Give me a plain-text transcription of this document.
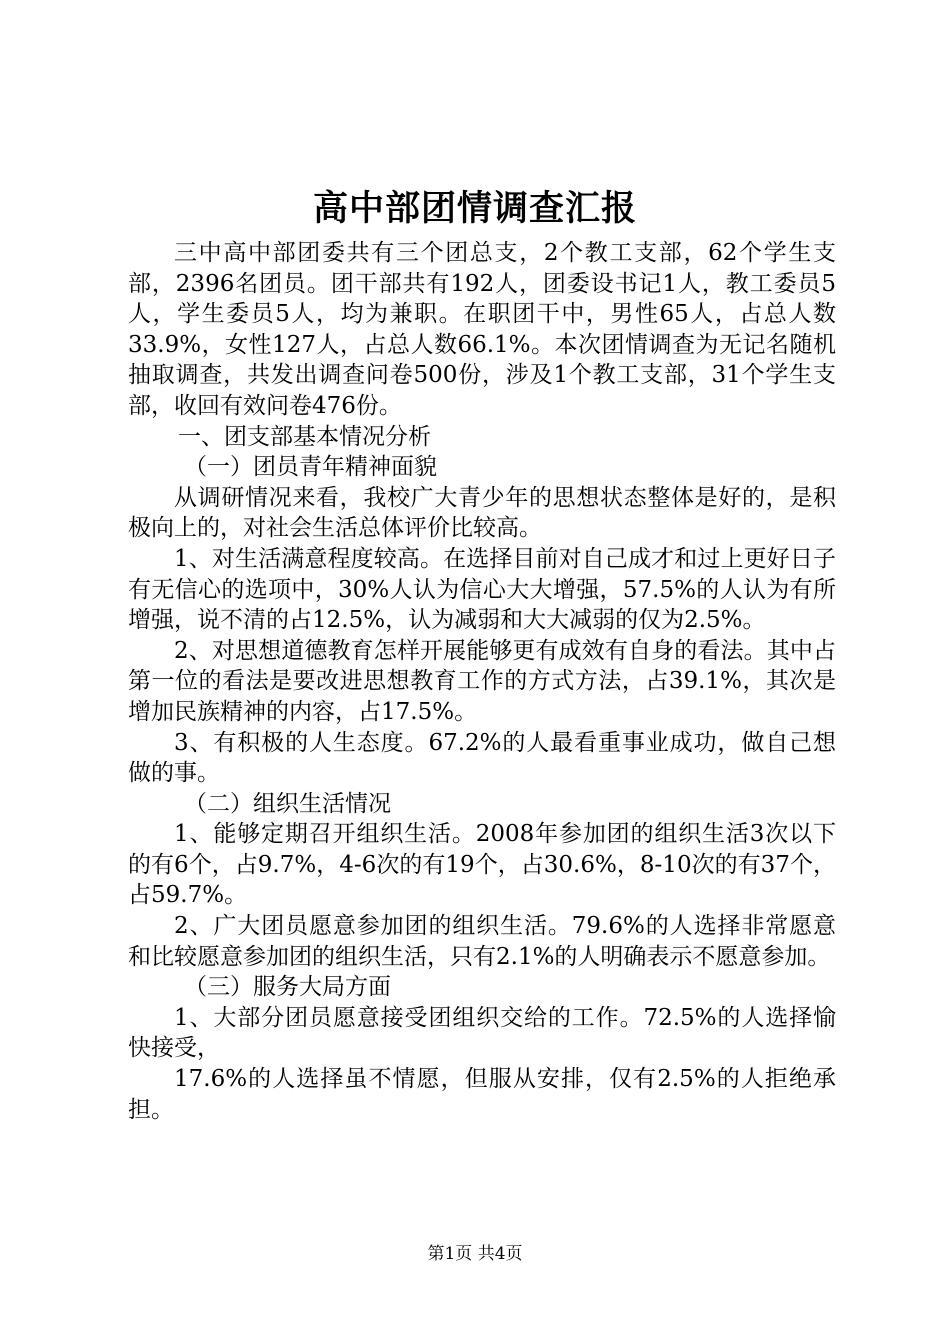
高中部团情调查汇报

三中高中部团委共有三个团总支，2个教工支部，62个学生支部，2396名团员。团干部共有192人，团委设书记1人，教工委员5人，学生委员5人，均为兼职。在职团干中，男性65人，占总人数33.9%，女性127人，占总人数66.1%。本次团情调查为无记名随机抽取调查，共发出调查问卷500份，涉及1个教工支部，31个学生支部，收回有效问卷476份。

一、团支部基本情况分析

（一）团员青年精神面貌

从调研情况来看，我校广大青少年的思想状态整体是好的，是积极向上的，对社会生活总体评价比较高。

1、对生活满意程度较高。在选择目前对自己成才和过上更好日子有无信心的选项中，30%人认为信心大大增强，57.5%的人认为有所增强，说不清的占12.5%，认为减弱和大大减弱的仅为2.5%。

2、对思想道德教育怎样开展能够更有成效有自身的看法。其中占第一位的看法是要改进思想教育工作的方式方法，占39.1%，其次是增加民族精神的内容，占17.5%。

3、有积极的人生态度。67.2%的人最看重事业成功，做自己想做的事。

（二）组织生活情况

1、能够定期召开组织生活。2008年参加团的组织生活3次以下的有6个，占9.7%，4-6次的有19个，占30.6%，8-10次的有37个，占59.7%。

2、广大团员愿意参加团的组织生活。79.6%的人选择非常愿意和比较愿意参加团的组织生活，只有2.1%的人明确表示不愿意参加。

（三）服务大局方面

1、大部分团员愿意接受团组织交给的工作。72.5%的人选择愉快接受，

17.6%的人选择虽不情愿，但服从安排，仅有2.5%的人拒绝承担。

第1页 共4页
